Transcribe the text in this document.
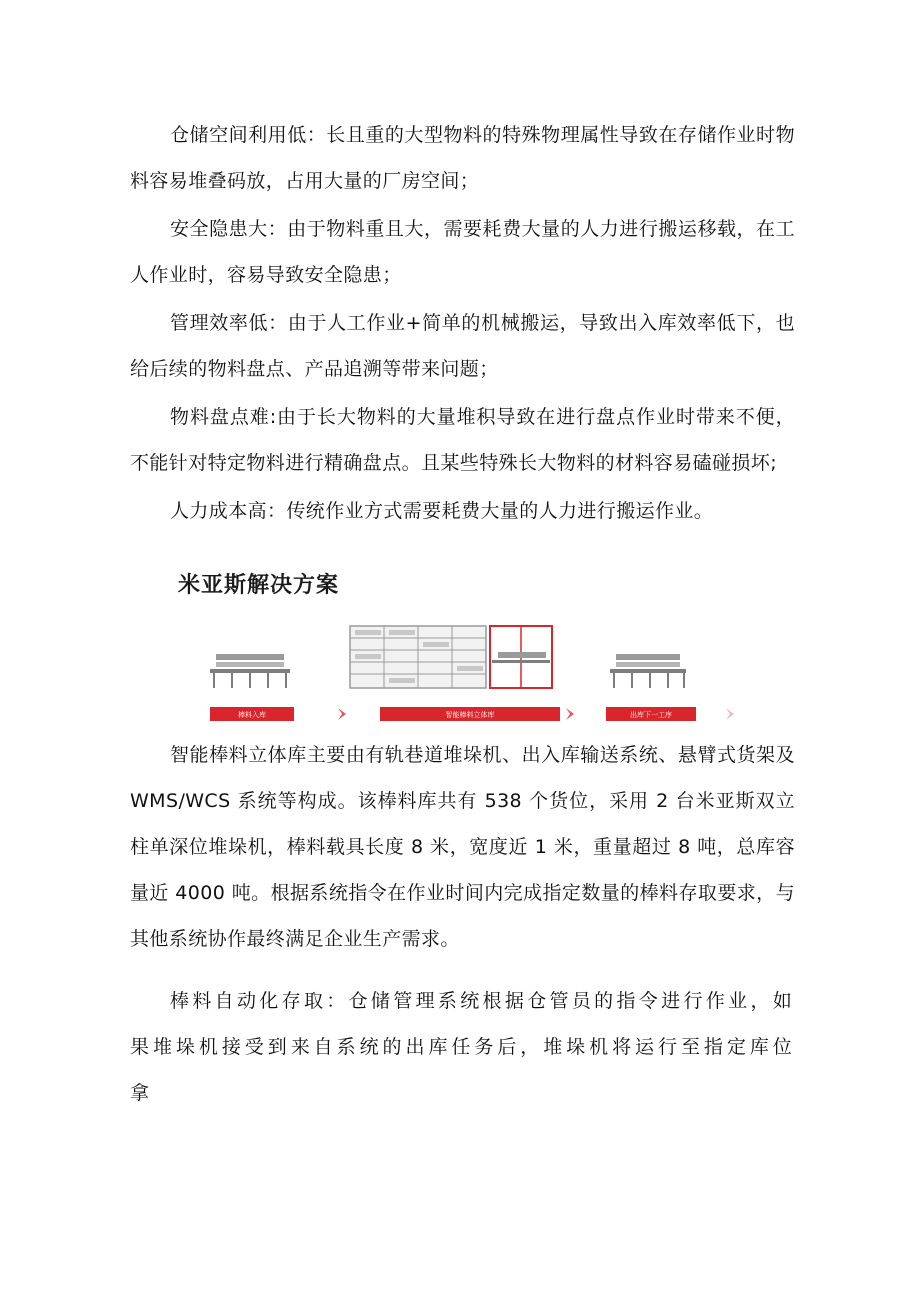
仓储空间利用低：长且重的大型物料的特殊物理属性导致在存储作业时物料容易堆叠码放，占用大量的厂房空间；

安全隐患大：由于物料重且大，需要耗费大量的人力进行搬运移载，在工人作业时，容易导致安全隐患；

管理效率低：由于人工作业+简单的机械搬运，导致出入库效率低下，也给后续的物料盘点、产品追溯等带来问题；

物料盘点难:由于长大物料的大量堆积导致在进行盘点作业时带来不便，不能针对特定物料进行精确盘点。且某些特殊长大物料的材料容易磕碰损坏;

人力成本高：传统作业方式需要耗费大量的人力进行搬运作业。

米亚斯解决方案
棒料入库	智能棒料立体库	出库下一工序

智能棒料立体库主要由有轨巷道堆垛机、出入库输送系统、悬臂式货架及 WMS/WCS 系统等构成。该棒料库共有 538 个货位，采用 2 台米亚斯双立柱单深位堆垛机，棒料载具长度 8 米，宽度近 1 米，重量超过 8 吨，总库容量近 4000 吨。根据系统指令在作业时间内完成指定数量的棒料存取要求，与其他系统协作最终满足企业生产需求。

棒料自动化存取：仓储管理系统根据仓管员的指令进行作业，如果堆垛机接受到来自系统的出库任务后，堆垛机将运行至指定库位拿
